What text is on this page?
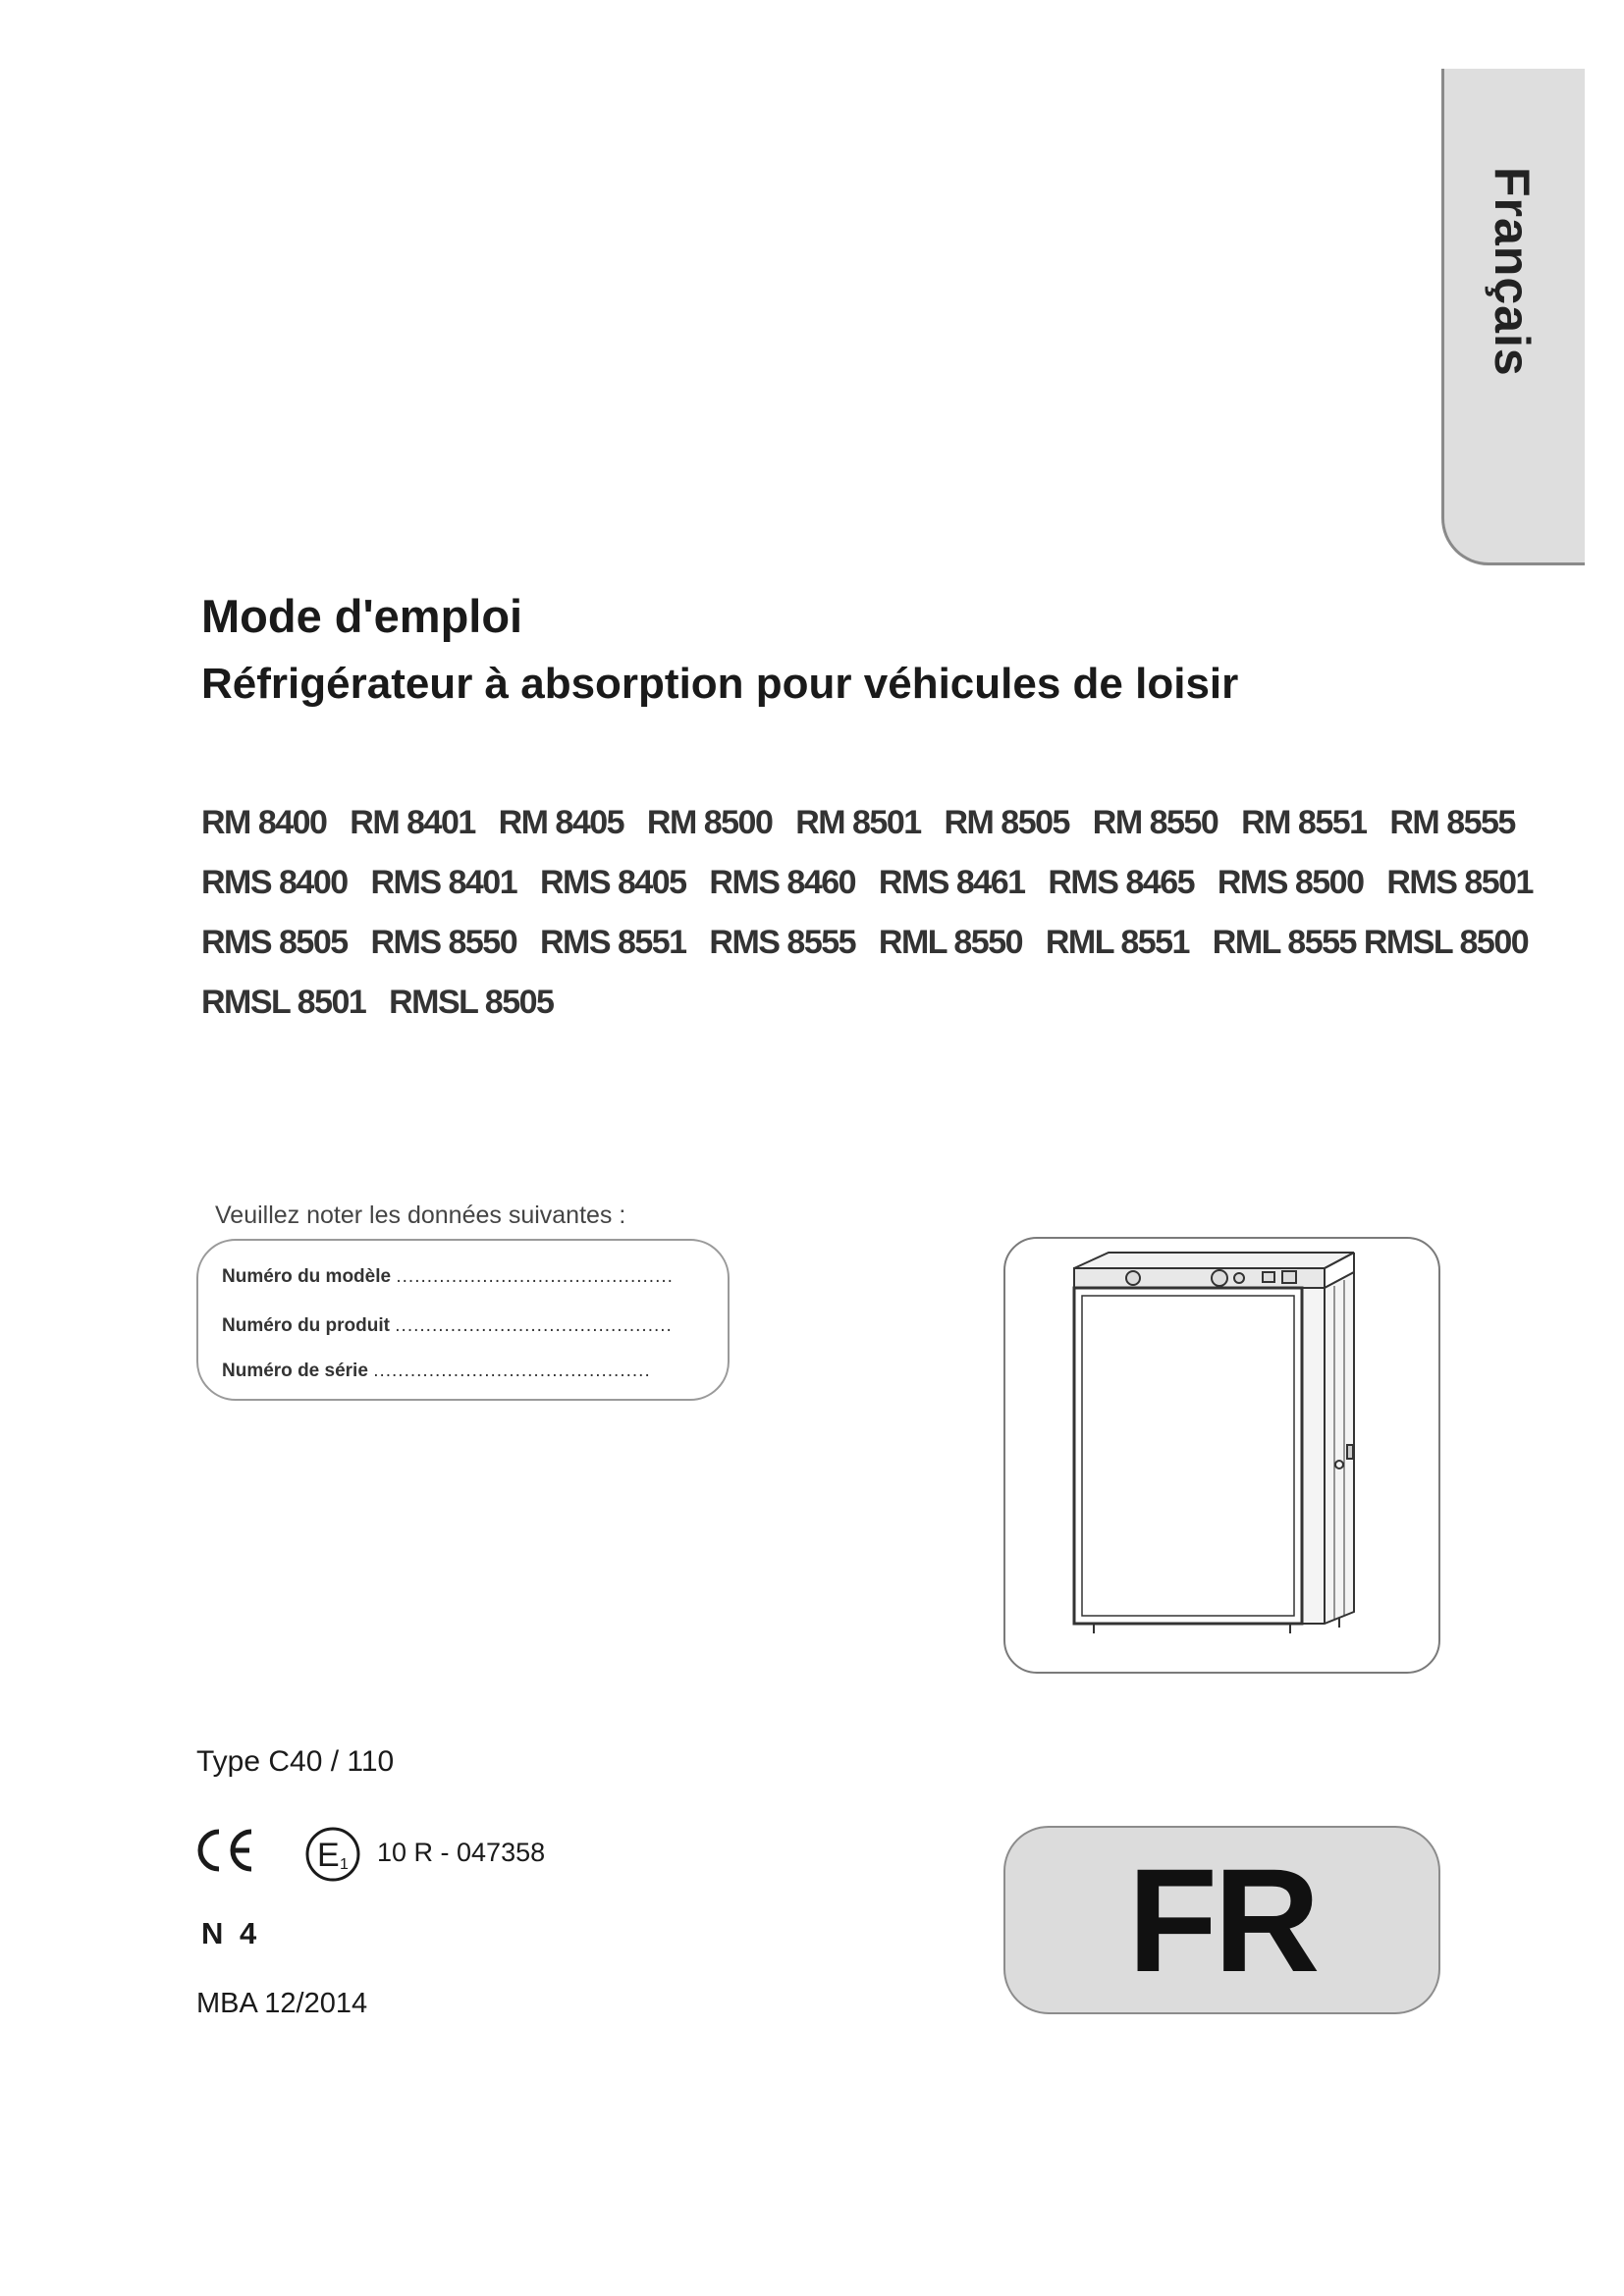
Français
Mode d'emploi
Réfrigérateur à absorption pour véhicules de loisir
RM 8400   RM 8401   RM 8405   RM 8500   RM 8501   RM 8505   RM 8550   RM 8551   RM 8555
RMS 8400   RMS 8401   RMS 8405   RMS 8460   RMS 8461   RMS 8465   RMS 8500   RMS 8501
RMS 8505   RMS 8550   RMS 8551   RMS 8555   RML 8550   RML 8551   RML 8555 RMSL 8500
RMSL 8501   RMSL 8505
Veuillez noter les données suivantes :
Numéro du modèle .............................................
Numéro du produit .............................................
Numéro de série .............................................
Type C40 / 110
E 1 10 R - 047358
N 4
MBA 12/2014
FR
